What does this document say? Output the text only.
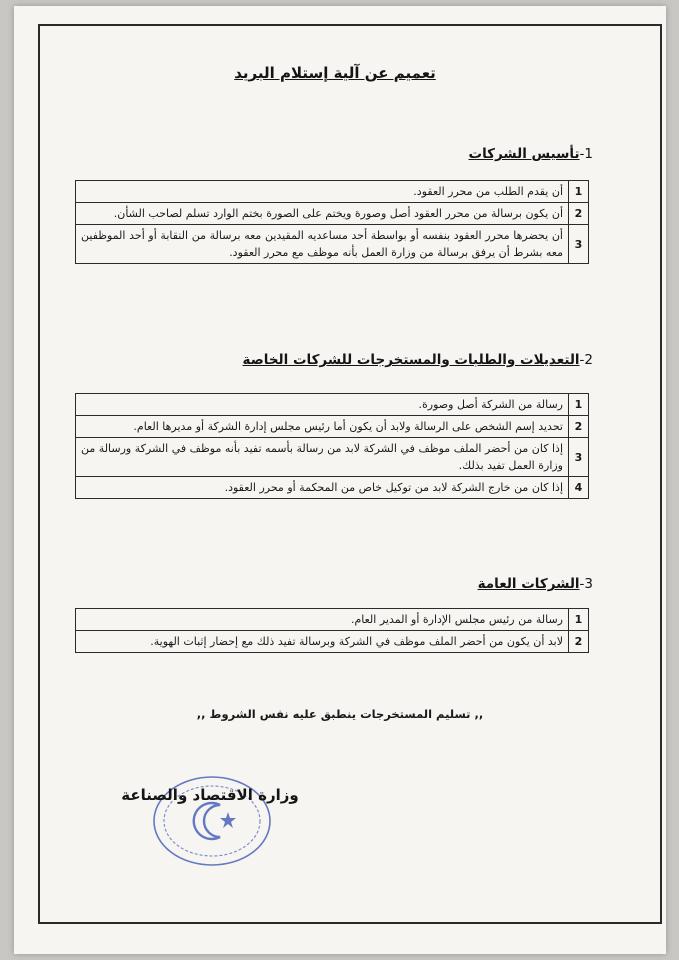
تعميم عن آلية إستلام البريد
1-تأسيس الشركات
1	أن يقدم الطلب من محرر العقود.
2	أن يكون برسالة من محرر العقود أصل وصورة ويختم على الصورة بختم الوارد تسلم لصاحب الشأن.
3	أن يحضرها محرر العقود بنفسه أو بواسطة أحد مساعديه المقيدين معه برسالة من النقابة أو أحد الموظفين معه بشرط أن يرفق برسالة من وزارة العمل بأنه موظف مع محرر العقود.
2-التعديلات والطلبات والمستخرجات للشركات الخاصة
1	رسالة من الشركة أصل وصورة.
2	تحديد إسم الشخص على الرسالة ولابد أن يكون أما رئيس مجلس إدارة الشركة أو مديرها العام.
3	إذا كان من أحضر الملف موظف في الشركة لابد من رسالة بأسمه تفيد بأنه موظف في الشركة ورسالة من وزارة العمل تفيد بذلك.
4	إذا كان من خارج الشركة لابد من توكيل خاص من المحكمة أو محرر العقود.
3-الشركات العامة
1	رسالة من رئيس مجلس الإدارة أو المدير العام.
2	لابد أن يكون من أحضر الملف موظف في الشركة وبرسالة تفيد ذلك مع إحضار إثبات الهوية.
,, تسليم المستخرجات ينطبق عليه نفس الشروط ,,
وزارة الاقتصاد والصناعة
